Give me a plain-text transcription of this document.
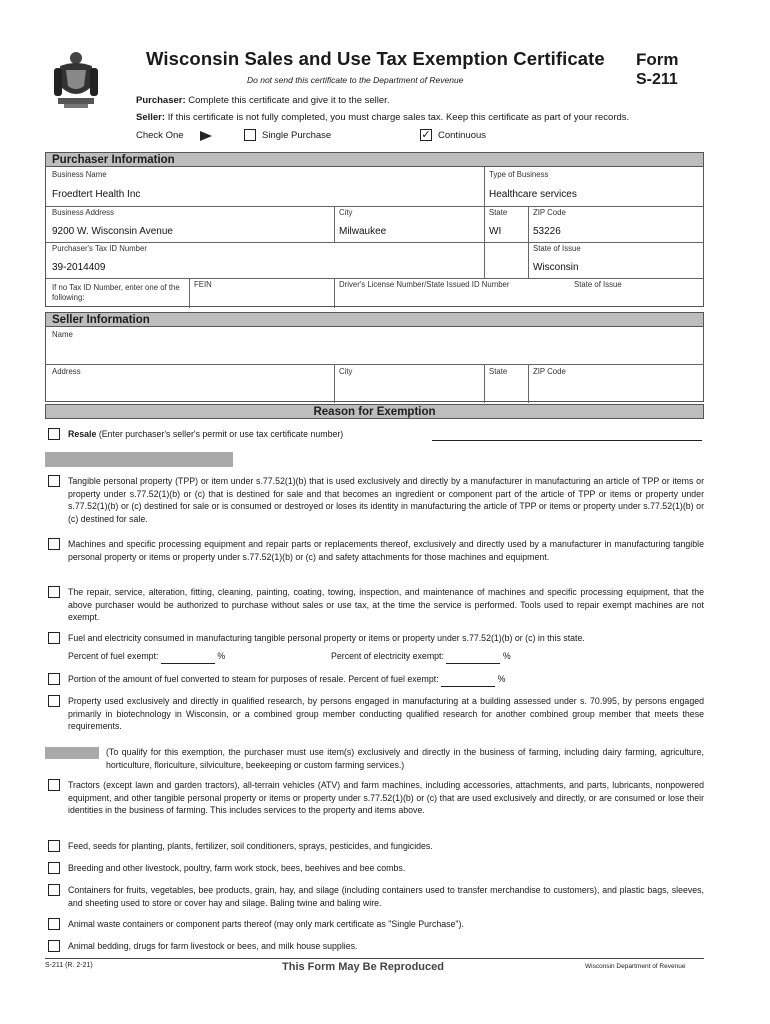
Wisconsin Sales and Use Tax Exemption Certificate Form
S-211
Do not send this certificate to the Department of Revenue
Purchaser: Complete this certificate and give it to the seller.
Seller: If this certificate is not fully completed, you must charge sales tax. Keep this certificate as part of your records.
Check One	Single Purchase	✓ Continuous
Purchaser Information
Business Name
Froedtert Health Inc
Type of Business
Healthcare services
Business Address
9200 W. Wisconsin Avenue
City
Milwaukee
State
WI
ZIP Code
53226
Purchaser's Tax ID Number
39-2014409
State of Issue
Wisconsin
If no Tax ID Number, enter one of the following:
FEIN	Driver's License Number/State Issued ID Number	State of Issue
Seller Information
Name
Address	City	State	ZIP Code
Reason for Exemption
Resale (Enter purchaser's seller's permit or use tax certificate number)
Tangible personal property (TPP) or item under s.77.52(1)(b) that is used exclusively and directly by a manufacturer in manufacturing an article of TPP or items or property under s.77.52(1)(b) or (c) that is destined for sale and that becomes an ingredient or component part of the article of TPP or items or property under s.77.52(1)(b) or (c) destined for sale or is consumed or destroyed or loses its identity in manufacturing the article of TPP or items or property under s.77.52(1)(b) or (c) destined for sale.
Machines and specific processing equipment and repair parts or replacements thereof, exclusively and directly used by a manufacturer in manufacturing tangible personal property or items or property under s.77.52(1)(b) or (c) and safety attachments for those machines and equipment.
The repair, service, alteration, fitting, cleaning, painting, coating, towing, inspection, and maintenance of machines and specific processing equipment, that the above purchaser would be authorized to purchase without sales or use tax, at the time the service is performed. Tools used to repair exempt machines are not exempt.
Fuel and electricity consumed in manufacturing tangible personal property or items or property under s.77.52(1)(b) or (c) in this state.
Percent of fuel exempt:	%	Percent of electricity exempt:	%
Portion of the amount of fuel converted to steam for purposes of resale. Percent of fuel exempt:	%
Property used exclusively and directly in qualified research, by persons engaged in manufacturing at a building assessed under s. 70.995, by persons engaged primarily in biotechnology in Wisconsin, or a combined group member conducting qualified research for another combined group member that meets these requirements.
(To qualify for this exemption, the purchaser must use item(s) exclusively and directly in the business of farming, including dairy farming, agriculture, horticulture, floriculture, silviculture, beekeeping or custom farming services.)
Tractors (except lawn and garden tractors), all-terrain vehicles (ATV) and farm machines, including accessories, attachments, and parts, lubricants, nonpowered equipment, and other tangible personal property or items or property under s.77.52(1)(b) or (c) that are used exclusively and directly, or are consumed or lose their identities in the business of farming. This includes services to the property and items above.
Feed, seeds for planting, plants, fertilizer, soil conditioners, sprays, pesticides, and fungicides.
Breeding and other livestock, poultry, farm work stock, bees, beehives and bee combs.
Containers for fruits, vegetables, bee products, grain, hay, and silage (including containers used to transfer merchandise to customers), and plastic bags, sleeves, and sheeting used to store or cover hay and silage. Baling twine and baling wire.
Animal waste containers or component parts thereof (may only mark certificate as "Single Purchase").
Animal bedding, drugs for farm livestock or bees, and milk house supplies.
S-211 (R. 2-21)	This Form May Be Reproduced	Wisconsin Department of Revenue
